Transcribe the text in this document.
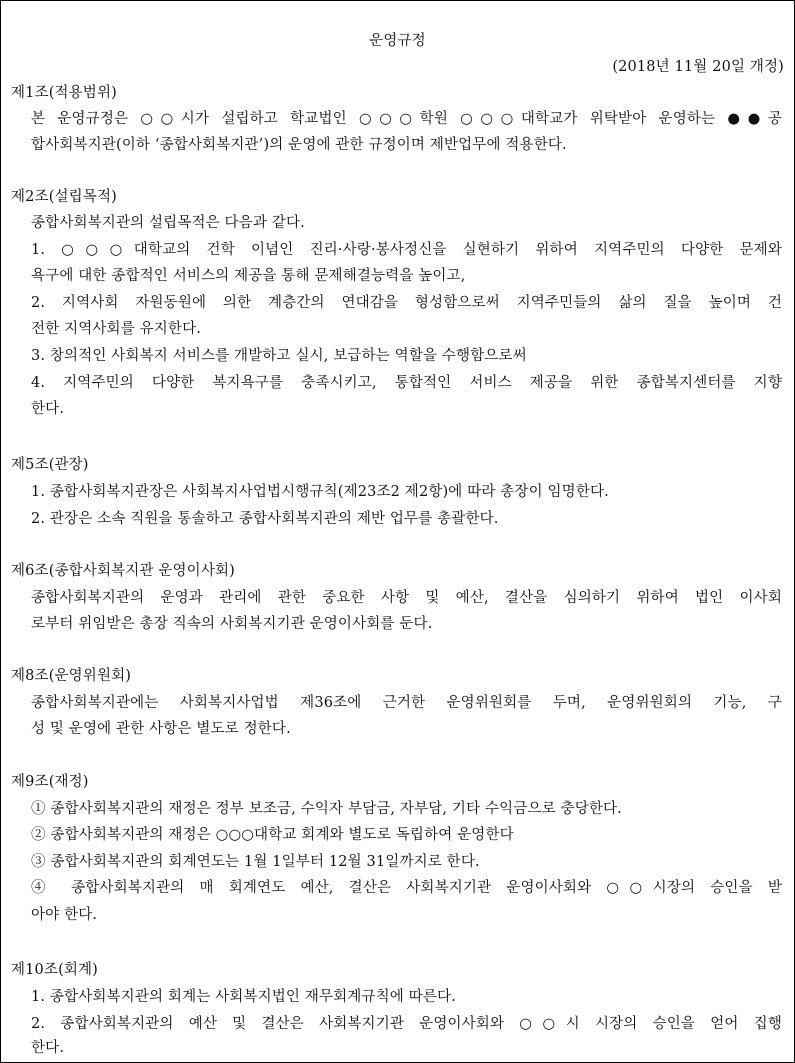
운영규정
(2018년 11월 20일 개정)
제1조(적용범위)
본 운영규정은 ○○시가 설립하고 학교법인 ○○○학원 ○○○대학교가 위탁받아 운영하는 ●●공
합사회복지관(이하 ‘종합사회복지관’)의 운영에 관한 규정이며 제반업무에 적용한다.
제2조(설립목적)
종합사회복지관의 설립목적은 다음과 같다.
1. ○○○대학교의 건학 이념인 진리·사랑·봉사정신을 실현하기 위하여 지역주민의 다양한 문제와
욕구에 대한 종합적인 서비스의 제공을 통해 문제해결능력을 높이고,
2. 지역사회 자원동원에 의한 계층간의 연대감을 형성함으로써 지역주민들의 삶의 질을 높이며 건
전한 지역사회를 유지한다.
3. 창의적인 사회복지 서비스를 개발하고 실시, 보급하는 역할을 수행함으로써
4. 지역주민의 다양한 복지욕구를 충족시키고, 통합적인 서비스 제공을 위한 종합복지센터를 지향
한다.
제5조(관장)
1. 종합사회복지관장은 사회복지사업법시행규칙(제23조2 제2항)에 따라 총장이 임명한다.
2. 관장은 소속 직원을 통솔하고 종합사회복지관의 제반 업무를 총괄한다.
제6조(종합사회복지관 운영이사회)
종합사회복지관의 운영과 관리에 관한 중요한 사항 및 예산, 결산을 심의하기 위하여 법인 이사회
로부터 위임받은 총장 직속의 사회복지기관 운영이사회를 둔다.
제8조(운영위원회)
종합사회복지관에는 사회복지사업법 제36조에 근거한 운영위원회를 두며, 운영위원회의 기능, 구
성 및 운영에 관한 사항은 별도로 정한다.
제9조(재정)
① 종합사회복지관의 재정은 정부 보조금, 수익자 부담금, 자부담, 기타 수익금으로 충당한다.
② 종합사회복지관의 재정은 ○○○대학교 회계와 별도로 독립하여 운영한다
③ 종합사회복지관의 회계연도는 1월 1일부터 12월 31일까지로 한다.
④ 종합사회복지관의 매 회계연도 예산, 결산은 사회복지기관 운영이사회와 ○○시장의 승인을 받
아야 한다.
제10조(회계)
1. 종합사회복지관의 회계는 사회복지법인 재무회계규칙에 따른다.
2. 종합사회복지관의 예산 및 결산은 사회복지기관 운영이사회와 ○○시 시장의 승인을 얻어 집행
한다.
